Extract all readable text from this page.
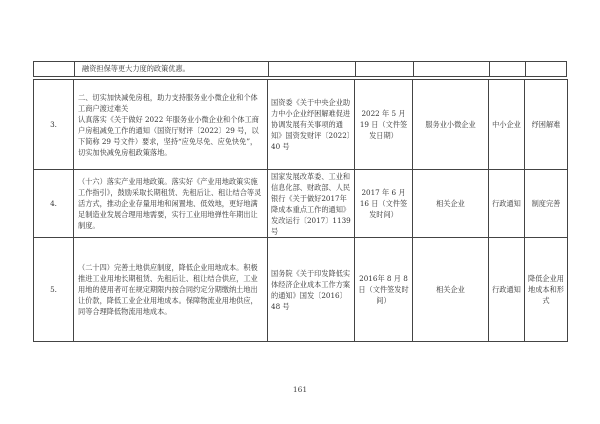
融资担保等更大力度的政策优惠。
3.	二、切实加快减免房租，助力支持服务业小微企业和个体工商户渡过难关
认真落实《关于做好 2022 年服务业小微企业和个体工商户房租减免工作的通知（国资厅财评〔2022〕29 号，以下简称 29 号文件）要求，坚持“应免尽免、应免快免”，切实加快减免房租政策落地。	国资委《关于中央企业助力中小企业纾困解难促进协调发展有关事项的通知》国资发财评〔2022〕40 号	2022 年 5 月 19 日（文件签发日期）	服务业小微企业	中小企业	纾困解难
4.	（十六）落实产业用地政策。落实好《产业用地政策实施工作指引》，鼓励采取长期租赁、先租后让、租让结合等灵活方式，推动企业存量用地和闲置地、低效地，更好地满足制造业发展合理用地需要，实行工业用地弹性年期出让制度。	国家发展改革委、工业和信息化部、财政部、人民银行《关于做好2017年降成本重点工作的通知》发改运行〔2017〕1139 号	2017 年 6 月 16 日（文件签发时间）	相关企业	行政通知	制度完善
5.	（二十四）完善土地供应制度，降低企业用地成本。积极推进工业用地长期租赁、先租后让、租让结合供应，工业用地的使用者可在规定期限内按合同约定分期缴纳土地出让价款，降低工业企业用地成本。保障物流业用地供应，同等合理降低物流用地成本。	国务院《关于印发降低实体经济企业成本工作方案的通知》国发〔2016〕48 号	2016年 8 月 8 日（文件签发时间）	相关企业	行政通知	降低企业用地成本和形式
161
